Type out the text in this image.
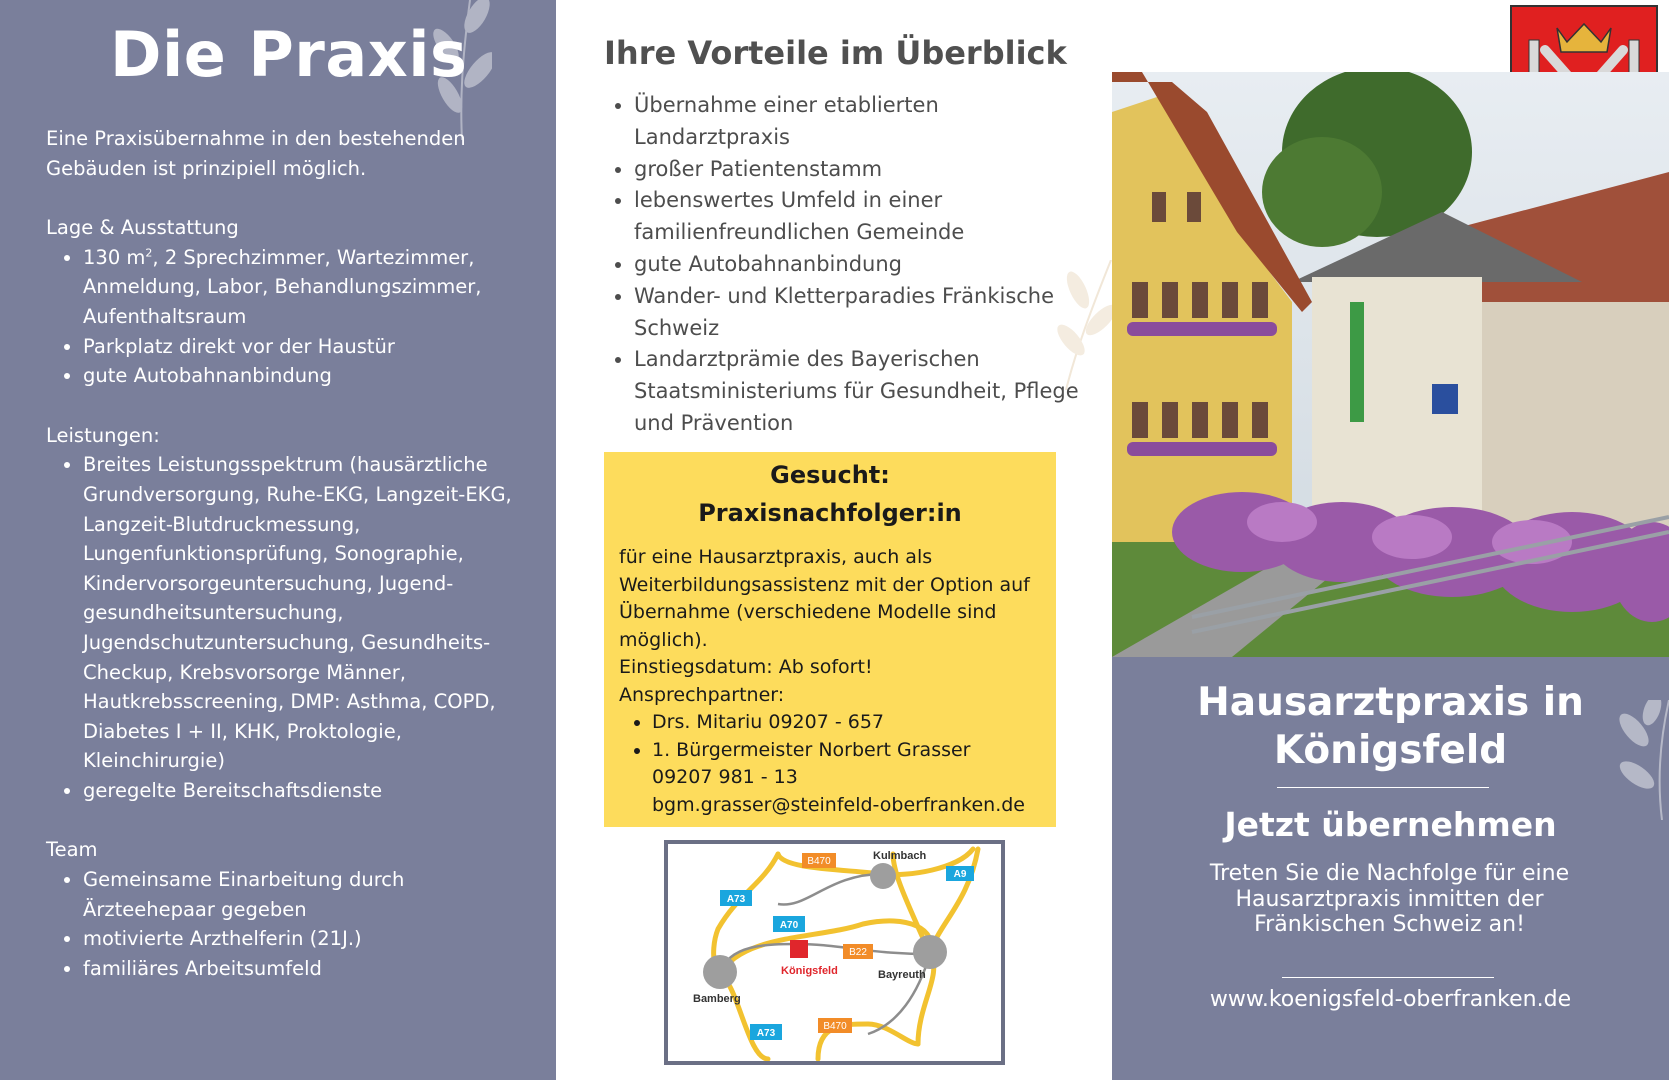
Die Praxis

Eine Praxisübernahme in den bestehenden Gebäuden ist prinzipiell möglich.

Lage & Ausstattung

• 130 $m^2$, 2 Sprechzimmer, Wartezimmer, Anmeldung, Labor, Behandlungszimmer, Aufenthaltsraum
• Parkplatz direkt vor der Haustür
• gute Autobahnanbindung

Leistungen:

• Breites Leistungsspektrum (hausärztliche Grundversorgung, Ruhe-EKG, Langzeit-EKG, Langzeit-Blutdruckmessung, Lungenfunktionsprüfung, Sonographie, Kindervorsorgeuntersuchung, Jugend-gesundheitsuntersuchung, Jugendschutzuntersuchung, Gesundheits-Checkup, Krebsvorsorge Männer, Hautkrebsscreening, DMP: Asthma, COPD, Diabetes I + II, KHK, Proktologie, Kleinchirurgie)
• geregelte Bereitschaftsdienste

Team

• Gemeinsame Einarbeitung durch Ärzteehepaar gegeben
• motivierte Arzthelferin (21J.)
• familiäres Arbeitsumfeld
Ihre Vorteile im Überblick
• Übernahme einer etablierten Landarztpraxis
• großer Patientenstamm
• lebenswertes Umfeld in einer familienfreundlichen Gemeinde
• gute Autobahnanbindung
• Wander- und Kletterparadies Fränkische Schweiz
• Landarztprämie des Bayerischen Staatsministeriums für Gesundheit, Pflege und Prävention
Gesucht:
Praxisnachfolger:in

für eine Hausarztpraxis, auch als Weiterbildungsassistenz mit der Option auf Übernahme (verschiedene Modelle sind möglich).

Einstiegsdatum: Ab sofort!

Ansprechpartner:

• Drs. Mitariu 09207 - 657
• 1. Bürgermeister Norbert Grasser
09207 981 - 13
bgm.grasser@steinfeld-oberfranken.de
Kulmbach
Bamberg
Bayreuth
Königsfeld
B470
A9
A73
A70
B22
A73
B470
Hausarztpraxis in
Königsfeld
Jetzt übernehmen
Treten Sie die Nachfolge für eine
Hausarztpraxis inmitten der
Fränkischen Schweiz an!
www.koenigsfeld-oberfranken.de
